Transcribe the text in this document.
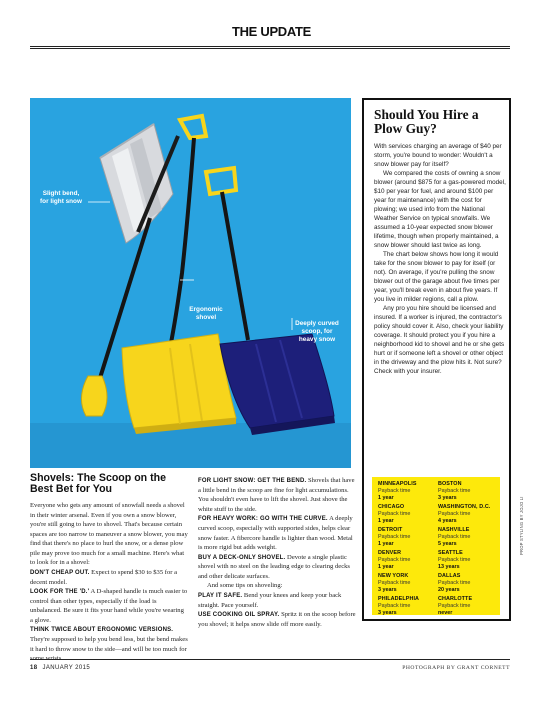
THE UPDATE
Slight bend,
for light snow
Ergonomic
shovel
Deeply curved
scoop, for
heavy snow
Should You Hire a Plow Guy?

With services charging an average of $40 per storm, you're bound to wonder: Wouldn't a snow blower pay for itself?

We compared the costs of owning a snow blower (around $875 for a gas-powered model, $10 per year for fuel, and around $100 per year for maintenance) with the cost for plowing; we used info from the National Weather Service on typical snowfalls. We assumed a 10-year expected snow blower lifetime, though when properly maintained, a snow blower should last twice as long.

The chart below shows how long it would take for the snow blower to pay for itself (or not). On average, if you're pulling the snow blower out of the garage about five times per year, you'll break even in about five years. If you live in milder regions, call a plow.

Any pro you hire should be licensed and insured. If a worker is injured, the contractor's policy should cover it. Also, check your liability coverage. It should protect you if you hire a neighborhood kid to shovel and he or she gets hurt or if someone left a shovel or other object in the driveway and the plow hits it. Not sure? Check with your insurer.

MINNEAPOLIS
Payback time
1 year
BOSTON
Payback time
3 years
CHICAGO
Payback time
1 year
WASHINGTON, D.C.
Payback time
4 years
DETROIT
Payback time
1 year
NASHVILLE
Payback time
5 years
DENVER
Payback time
1 year
SEATTLE
Payback time
13 years
NEW YORK
Payback time
3 years
DALLAS
Payback time
20 years
PHILADELPHIA
Payback time
3 years
CHARLOTTE
Payback time
never
PROP STYLING BY JOJO LI
Shovels: The Scoop on the Best Bet for You

Everyone who gets any amount of snowfall needs a shovel in their winter arsenal. Even if you own a snow blower, you're still going to have to shovel. That's because certain spaces are too narrow to maneuver a snow blower, you may find that there's no place to hurl the snow, or a dense plow pile may prove too much for a small machine. Here's what to look for in a shovel:

DON'T CHEAP OUT. Expect to spend $30 to $35 for a decent model.

LOOK FOR THE 'D.' A D-shaped handle is much easier to control than other types, especially if the load is unbalanced. Be sure it fits your hand while you're wearing a glove.

THINK TWICE ABOUT ERGONOMIC VERSIONS. They're supposed to help you bend less, but the bend makes it hard to throw snow to the side—and will be too much for

FOR LIGHT SNOW: GET THE BEND. Shovels that have a little bend in the scoop are fine for light accumulations. You shouldn't even have to lift the shovel. Just shove the white stuff to the side.

FOR HEAVY WORK: GO WITH THE CURVE. A deeply curved scoop, especially with supported sides, helps clear snow faster. A fibercore handle is lighter than wood. Metal is more rigid but adds weight.

BUY A DECK-ONLY SHOVEL. Devote a single plastic shovel with no steel on the leading edge to clearing decks and other delicate surfaces.

And some tips on shoveling:

PLAY IT SAFE. Bend your knees and keep your back straight. Pace yourself.

USE COOKING OIL SPRAY. Spritz it on the scoop before you shovel; it helps snow slide off more easily.

18 JANUARY 2015	PHOTOGRAPH BY GRANT CORNETT
